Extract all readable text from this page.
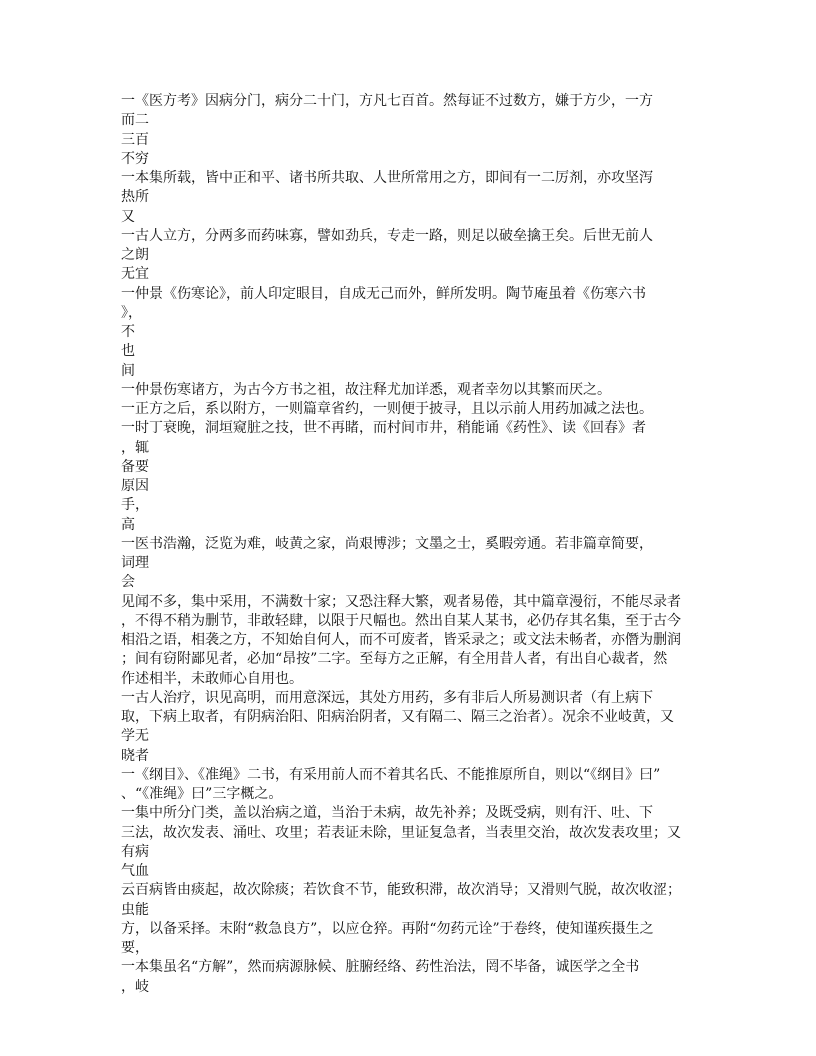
一《医方考》因病分门，病分二十门，方凡七百首。然每证不过数方，嫌于方少，一方
而二
三百
不穷
一本集所载，皆中正和平、诸书所共取、人世所常用之方，即间有一二厉剂，亦攻坚泻
热所
又
一古人立方，分两多而药味寡，譬如劲兵，专走一路，则足以破垒擒王矣。后世无前人
之朗
无宜
一仲景《伤寒论》，前人印定眼目，自成无己而外，鲜所发明。陶节庵虽着《伤寒六书
》，
不
也
间
一仲景伤寒诸方，为古今方书之祖，故注释尤加详悉，观者幸勿以其繁而厌之。
一正方之后，系以附方，一则篇章省约，一则便于披寻，且以示前人用药加减之法也。
一时丁衰晚，洞垣窥脏之技，世不再睹，而村间市井，稍能诵《药性》、读《回春》者
，辄
备要
原因
手，
高
一医书浩瀚，泛览为难，岐黄之家，尚艰博涉；文墨之士，奚暇旁通。若非篇章简要，
词理
会
见闻不多，集中采用，不满数十家；又恐注释大繁，观者易倦，其中篇章漫衍，不能尽录者
，不得不稍为删节，非敢轻肆，以限于尺幅也。然出自某人某书，必仍存其名集，至于古今
相沿之语，相袭之方，不知始自何人，而不可废者，皆采录之；或文法未畅者，亦僭为删润
；间有窃附鄙见者，必加“昂按”二字。至每方之正解，有全用昔人者，有出自心裁者，然
作述相半，未敢师心自用也。
一古人治疗，识见高明，而用意深远，其处方用药，多有非后人所易测识者（有上病下
取，下病上取者，有阴病治阳、阳病治阴者，又有隔二、隔三之治者）。况余不业岐黄，又
学无
晓者
一《纲目》、《准绳》二书，有采用前人而不着其名氏、不能推原所自，则以“《纲目》曰”
、“《准绳》曰”三字概之。
一集中所分门类，盖以治病之道，当治于未病，故先补养；及既受病，则有汗、吐、下
三法，故次发表、涌吐、攻里；若表证未除，里证复急者，当表里交治，故次发表攻里；又
有病
气血
云百病皆由痰起，故次除痰；若饮食不节，能致积滞，故次消导；又滑则气脱，故次收涩；
虫能
方，以备采择。末附“救急良方”，以应仓猝。再附“勿药元诠”于卷终，使知谨疾摄生之
要，
一本集虽名“方解”，然而病源脉候、脏腑经络、药性治法，罔不毕备，诚医学之全书
，岐
